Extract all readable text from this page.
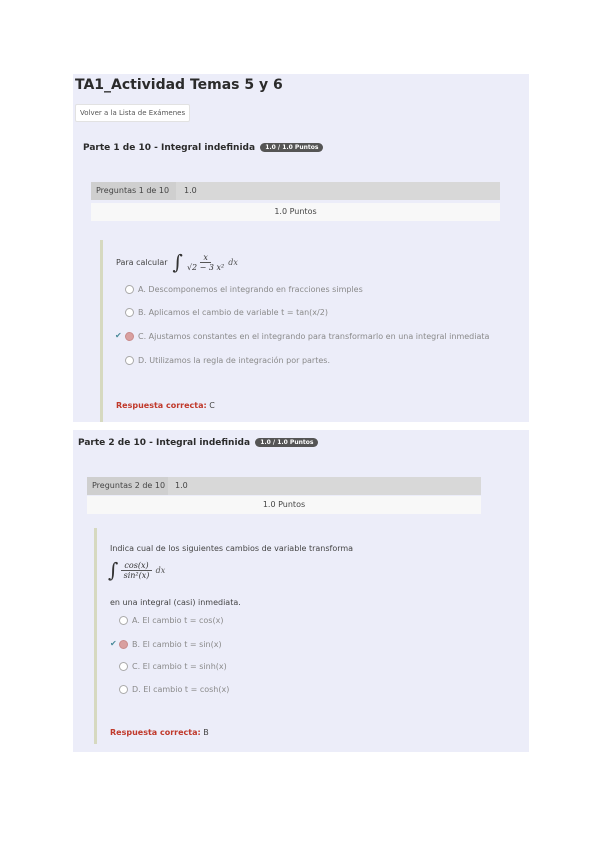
TA1_Actividad Temas 5 y 6
Volver a la Lista de Exámenes
Parte 1 de 10 - Integral indefinida 1.0 / 1.0 Puntos
Preguntas 1 de 10	1.0
1.0 Puntos
Para calcular ∫ $\frac{x}{\text{√2 − 3 x²}}$ dx
A. Descomponemos el integrando en fracciones simples
B. Aplicamos el cambio de variable t = tan(x/2)
✔ C. Ajustamos constantes en el integrando para transformarlo en una integral inmediata
D. Utilizamos la regla de integración por partes.
Respuesta correcta: C
Parte 2 de 10 - Integral indefinida 1.0 / 1.0 Puntos
Preguntas 2 de 10	1.0
1.0 Puntos
Indica cual de los siguientes cambios de variable transforma
∫ $\frac{\cos(x)}{\text{sin²(x)}}$ dx
en una integral (casi) inmediata.
A. El cambio t = cos(x)
✔ B. El cambio t = sin(x)
C. El cambio t = sinh(x)
D. El cambio t = cosh(x)
Respuesta correcta: B
